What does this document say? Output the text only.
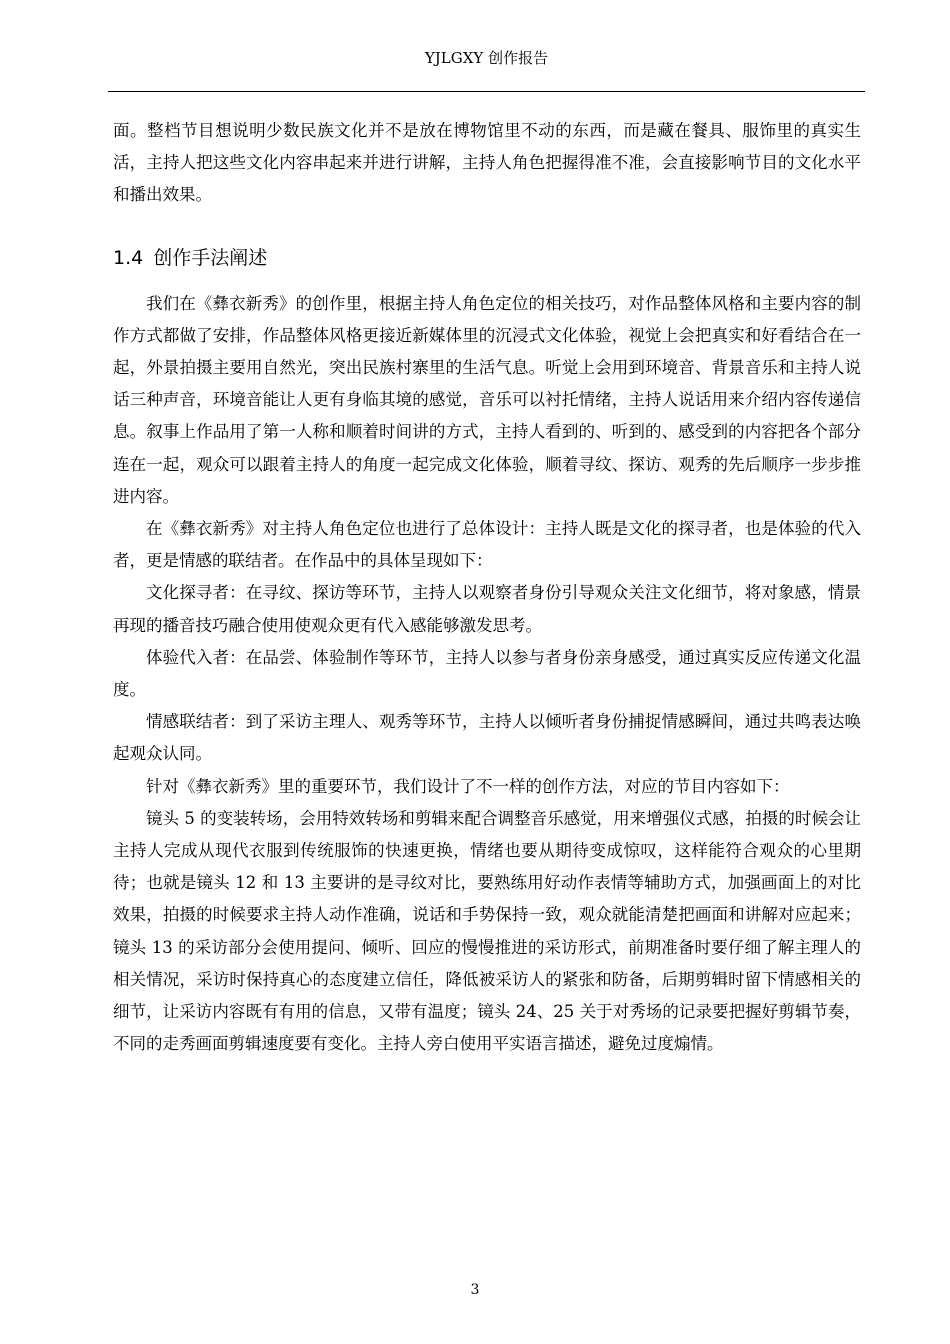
YJLGXY 创作报告

面。整档节目想说明少数民族文化并不是放在博物馆里不动的东西，而是藏在餐具、服饰里的真实生活，主持人把这些文化内容串起来并进行讲解，主持人角色把握得准不准，会直接影响节目的文化水平和播出效果。

1.4 创作手法阐述

我们在《彝衣新秀》的创作里，根据主持人角色定位的相关技巧，对作品整体风格和主要内容的制作方式都做了安排，作品整体风格更接近新媒体里的沉浸式文化体验，视觉上会把真实和好看结合在一起，外景拍摄主要用自然光，突出民族村寨里的生活气息。听觉上会用到环境音、背景音乐和主持人说话三种声音，环境音能让人更有身临其境的感觉，音乐可以衬托情绪，主持人说话用来介绍内容传递信息。叙事上作品用了第一人称和顺着时间讲的方式，主持人看到的、听到的、感受到的内容把各个部分连在一起，观众可以跟着主持人的角度一起完成文化体验，顺着寻纹、探访、观秀的先后顺序一步步推进内容。

在《彝衣新秀》对主持人角色定位也进行了总体设计：主持人既是文化的探寻者，也是体验的代入者，更是情感的联结者。在作品中的具体呈现如下：

文化探寻者：在寻纹、探访等环节，主持人以观察者身份引导观众关注文化细节，将对象感，情景再现的播音技巧融合使用使观众更有代入感能够激发思考。

体验代入者：在品尝、体验制作等环节，主持人以参与者身份亲身感受，通过真实反应传递文化温度。

情感联结者：到了采访主理人、观秀等环节，主持人以倾听者身份捕捉情感瞬间，通过共鸣表达唤起观众认同。

针对《彝衣新秀》里的重要环节，我们设计了不一样的创作方法，对应的节目内容如下：

镜头 5 的变装转场，会用特效转场和剪辑来配合调整音乐感觉，用来增强仪式感，拍摄的时候会让主持人完成从现代衣服到传统服饰的快速更换，情绪也要从期待变成惊叹，这样能符合观众的心里期待；也就是镜头 12 和 13 主要讲的是寻纹对比，要熟练用好动作表情等辅助方式，加强画面上的对比效果，拍摄的时候要求主持人动作准确，说话和手势保持一致，观众就能清楚把画面和讲解对应起来；镜头 13 的采访部分会使用提问、倾听、回应的慢慢推进的采访形式，前期准备时要仔细了解主理人的相关情况，采访时保持真心的态度建立信任，降低被采访人的紧张和防备，后期剪辑时留下情感相关的细节，让采访内容既有有用的信息，又带有温度；镜头 24、25 关于对秀场的记录要把握好剪辑节奏，不同的走秀画面剪辑速度要有变化。主持人旁白使用平实语言描述，避免过度煽情。

3
